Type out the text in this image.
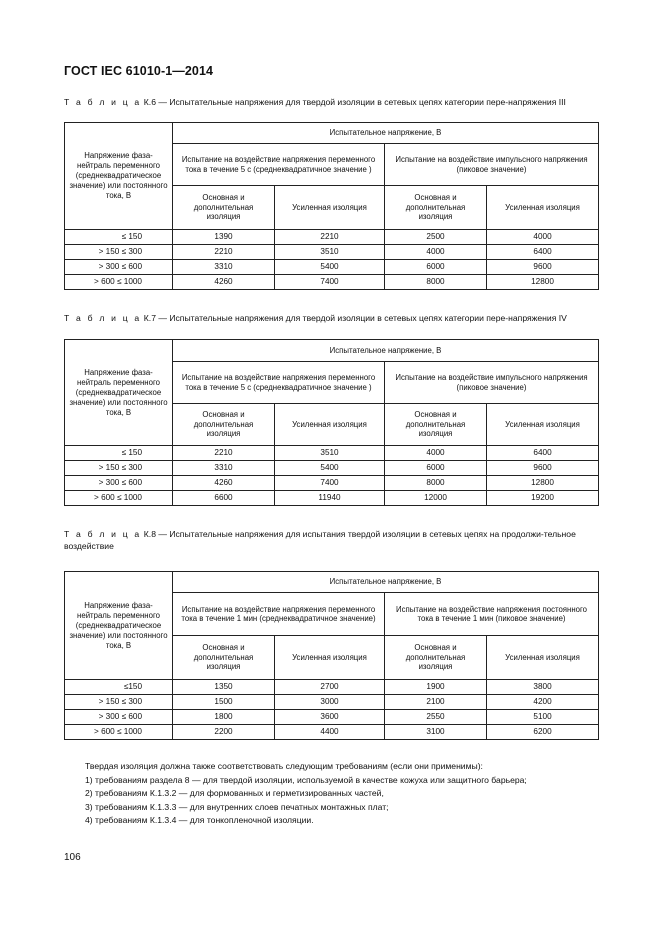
ГОСТ IEC 61010-1—2014
Т а б л и ц а К.6 — Испытательные напряжения для твердой изоляции в сетевых цепях категории пере-напряжения III
Напряжение фаза-нейтраль переменного (среднеквадратическое значение) или постоянного тока, В	Испытательное напряжение, В			
	Испытание на воздействие напряжения переменного тока в течение 5 с (среднеквадратичное значение )		Испытание на воздействие импульсного напряжения (пиковое значение)	
	Основная и дополнительная изоляция	Усиленная изоляция	Основная и дополнительная изоляция	Усиленная изоляция
≤ 150	1390	2210	2500	4000
> 150 ≤ 300	2210	3510	4000	6400
> 300 ≤ 600	3310	5400	6000	9600
> 600 ≤ 1000	4260	7400	8000	12800
Т а б л и ц а К.7 — Испытательные напряжения для твердой изоляции в сетевых цепях категории пере-напряжения IV
Напряжение фаза-нейтраль переменного (среднеквадратическое значение) или постоянного тока, В	Испытательное напряжение, В			
	Испытание на воздействие напряжения переменного тока в течение 5 с (среднеквадратичное значение )		Испытание на воздействие импульсного напряжения (пиковое значение)	
	Основная и дополнительная изоляция	Усиленная изоляция	Основная и дополнительная изоляция	Усиленная изоляция
≤ 150	2210	3510	4000	6400
> 150 ≤ 300	3310	5400	6000	9600
> 300 ≤ 600	4260	7400	8000	12800
> 600 ≤ 1000	6600	11940	12000	19200
Т а б л и ц а К.8 — Испытательные напряжения для испытания твердой изоляции в сетевых цепях на продолжи-тельное воздействие
Напряжение фаза-нейтраль переменного (среднеквадратическое значение) или постоянного тока, В	Испытательное напряжение, В			
	Испытание на воздействие напряжения переменного тока в течение 1 мин (среднеквадратичное значение)		Испытание на воздействие напряжения постоянного тока в течение 1 мин (пиковое значение)	
	Основная и дополнительная изоляция	Усиленная изоляция	Основная и дополнительная изоляция	Усиленная изоляция
≤150	1350	2700	1900	3800
> 150 ≤ 300	1500	3000	2100	4200
> 300 ≤ 600	1800	3600	2550	5100
> 600 ≤ 1000	2200	4400	3100	6200

Твердая изоляция должна также соответствовать следующим требованиям (если они применимы):

1) требованиям раздела 8 — для твердой изоляции, используемой в качестве кожуха или защитного барьера;

2) требованиям К.1.3.2 — для формованных и герметизированных частей,

3) требованиям К.1.3.3 — для внутренних слоев печатных монтажных плат;

4) требованиям К.1.3.4 — для тонкопленочной изоляции.

106
